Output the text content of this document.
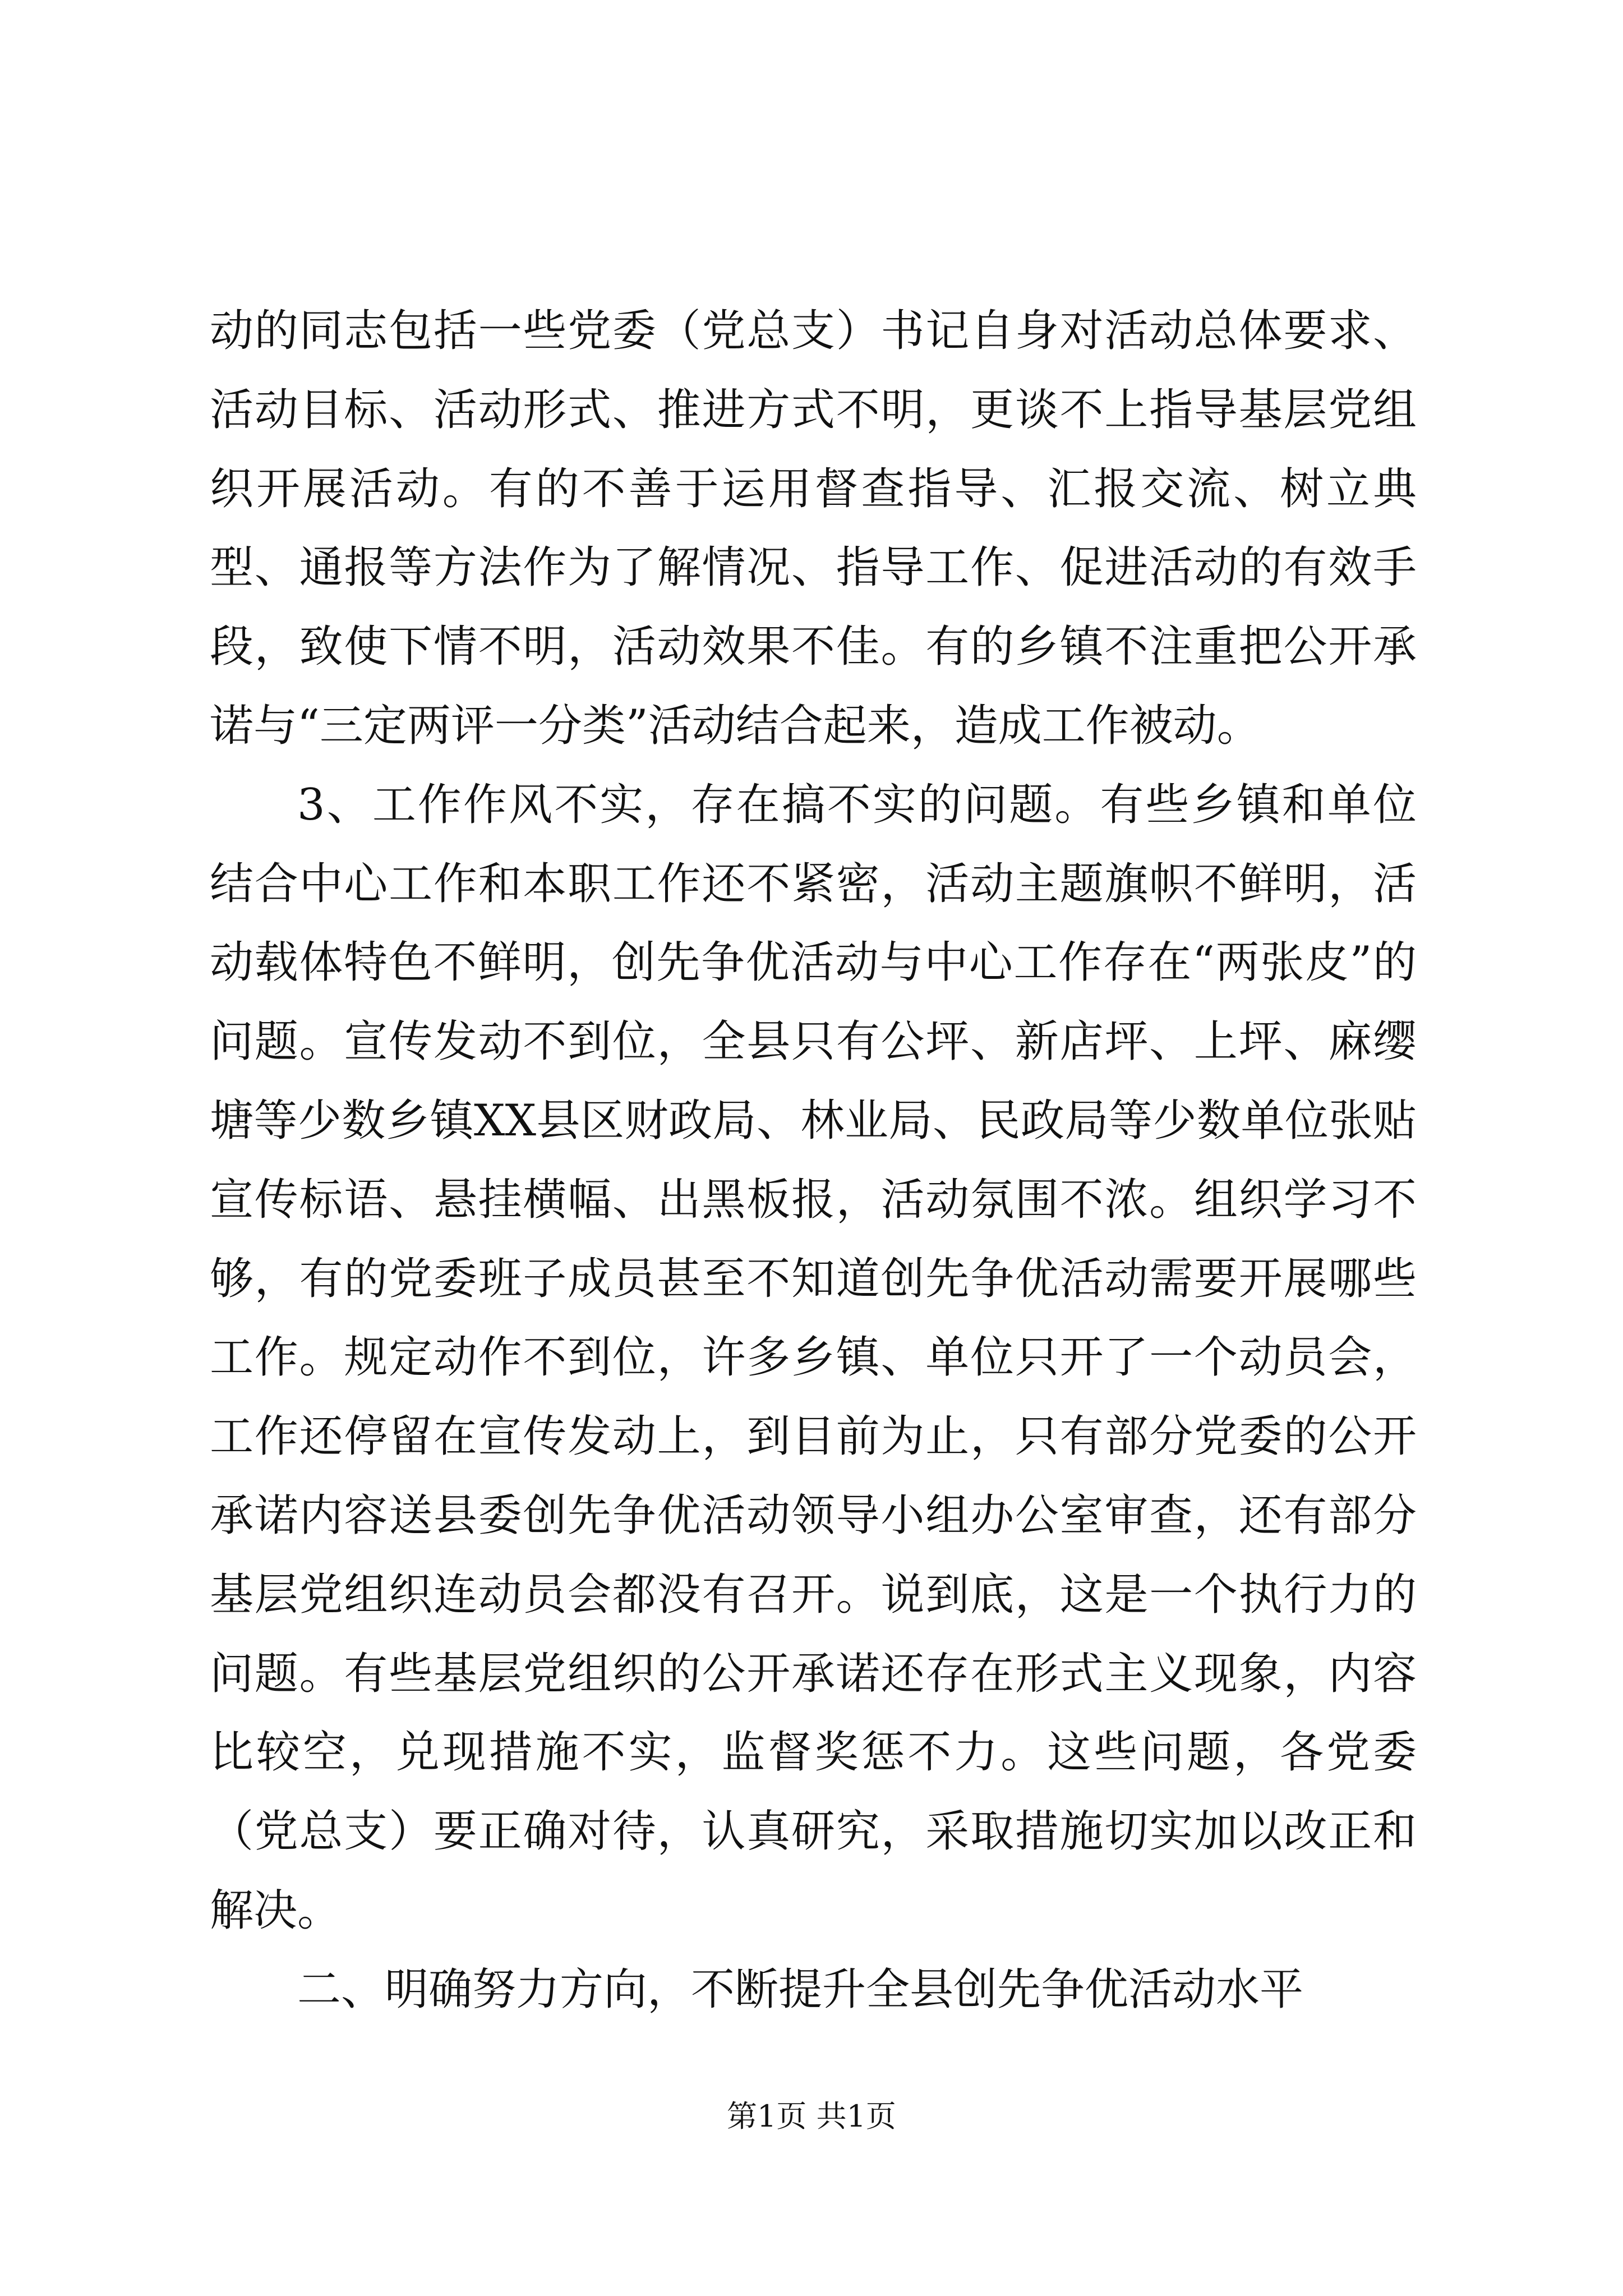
动的同志包括一些党委（党总支）书记自身对活动总体要求、活动目标、活动形式、推进方式不明，更谈不上指导基层党组织开展活动。有的不善于运用督查指导、汇报交流、树立典型、通报等方法作为了解情况、指导工作、促进活动的有效手段，致使下情不明，活动效果不佳。有的乡镇不注重把公开承诺与“三定两评一分类”活动结合起来，造成工作被动。

3、工作作风不实，存在搞不实的问题。有些乡镇和单位结合中心工作和本职工作还不紧密，活动主题旗帜不鲜明，活动载体特色不鲜明，创先争优活动与中心工作存在“两张皮”的问题。宣传发动不到位，全县只有公坪、新店坪、上坪、麻缨塘等少数乡镇XX县区财政局、林业局、民政局等少数单位张贴宣传标语、悬挂横幅、出黑板报，活动氛围不浓。组织学习不够，有的党委班子成员甚至不知道创先争优活动需要开展哪些工作。规定动作不到位，许多乡镇、单位只开了一个动员会，工作还停留在宣传发动上，到目前为止，只有部分党委的公开承诺内容送县委创先争优活动领导小组办公室审查，还有部分基层党组织连动员会都没有召开。说到底，这是一个执行力的问题。有些基层党组织的公开承诺还存在形式主义现象，内容比较空，兑现措施不实，监督奖惩不力。这些问题，各党委（党总支）要正确对待，认真研究，采取措施切实加以改正和解决。

二、明确努力方向，不断提升全县创先争优活动水平

第1页 共1页
